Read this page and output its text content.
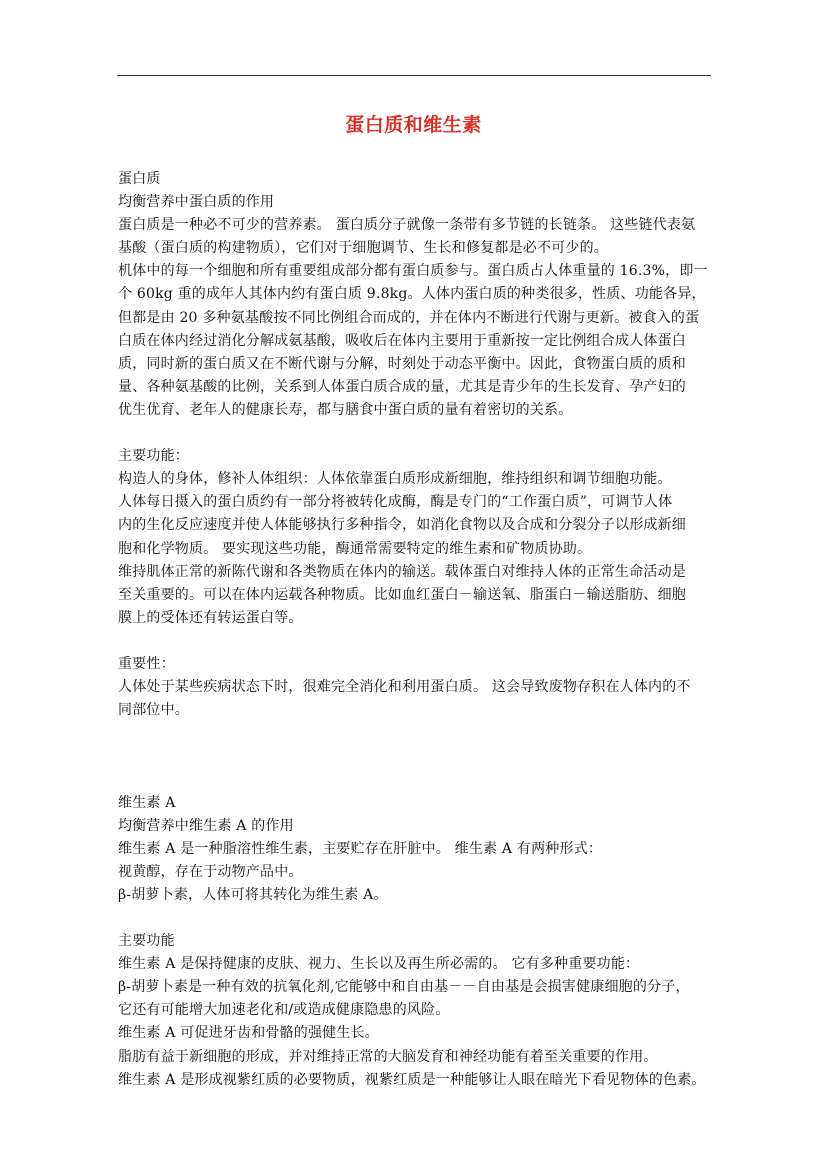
蛋白质和维生素
蛋白质
均衡营养中蛋白质的作用
蛋白质是一种必不可少的营养素。 蛋白质分子就像一条带有多节链的长链条。 这些链代表氨
基酸（蛋白质的构建物质），它们对于细胞调节、生长和修复都是必不可少的。
机体中的每一个细胞和所有重要组成部分都有蛋白质参与。蛋白质占人体重量的 16.3%，即一
个 60kg 重的成年人其体内约有蛋白质 9.8kg。人体内蛋白质的种类很多，性质、功能各异，
但都是由 20 多种氨基酸按不同比例组合而成的，并在体内不断进行代谢与更新。被食入的蛋
白质在体内经过消化分解成氨基酸，吸收后在体内主要用于重新按一定比例组合成人体蛋白
质，同时新的蛋白质又在不断代谢与分解，时刻处于动态平衡中。因此，食物蛋白质的质和
量、各种氨基酸的比例，关系到人体蛋白质合成的量，尤其是青少年的生长发育、孕产妇的
优生优育、老年人的健康长寿，都与膳食中蛋白质的量有着密切的关系。
主要功能：
构造人的身体，修补人体组织：人体依靠蛋白质形成新细胞，维持组织和调节细胞功能。
人体每日摄入的蛋白质约有一部分将被转化成酶，酶是专门的“工作蛋白质”，可调节人体
内的生化反应速度并使人体能够执行多种指令，如消化食物以及合成和分裂分子以形成新细
胞和化学物质。 要实现这些功能，酶通常需要特定的维生素和矿物质协助。
维持肌体正常的新陈代谢和各类物质在体内的输送。载体蛋白对维持人体的正常生命活动是
至关重要的。可以在体内运载各种物质。比如血红蛋白－输送氧、脂蛋白－输送脂肪、细胞
膜上的受体还有转运蛋白等。
重要性：
人体处于某些疾病状态下时，很难完全消化和利用蛋白质。 这会导致废物存积在人体内的不
同部位中。
维生素 A
均衡营养中维生素 A 的作用
维生素 A 是一种脂溶性维生素，主要贮存在肝脏中。 维生素 A 有两种形式：
视黄醇，存在于动物产品中。
β-胡萝卜素，人体可将其转化为维生素 A。
主要功能
维生素 A 是保持健康的皮肤、视力、生长以及再生所必需的。 它有多种重要功能：
β-胡萝卜素是一种有效的抗氧化剂,它能够中和自由基－－自由基是会损害健康细胞的分子，
它还有可能增大加速老化和/或造成健康隐患的风险。
维生素 A 可促进牙齿和骨骼的强健生长。
脂肪有益于新细胞的形成，并对维持正常的大脑发育和神经功能有着至关重要的作用。
维生素 A 是形成视紫红质的必要物质，视紫红质是一种能够让人眼在暗光下看见物体的色素。
